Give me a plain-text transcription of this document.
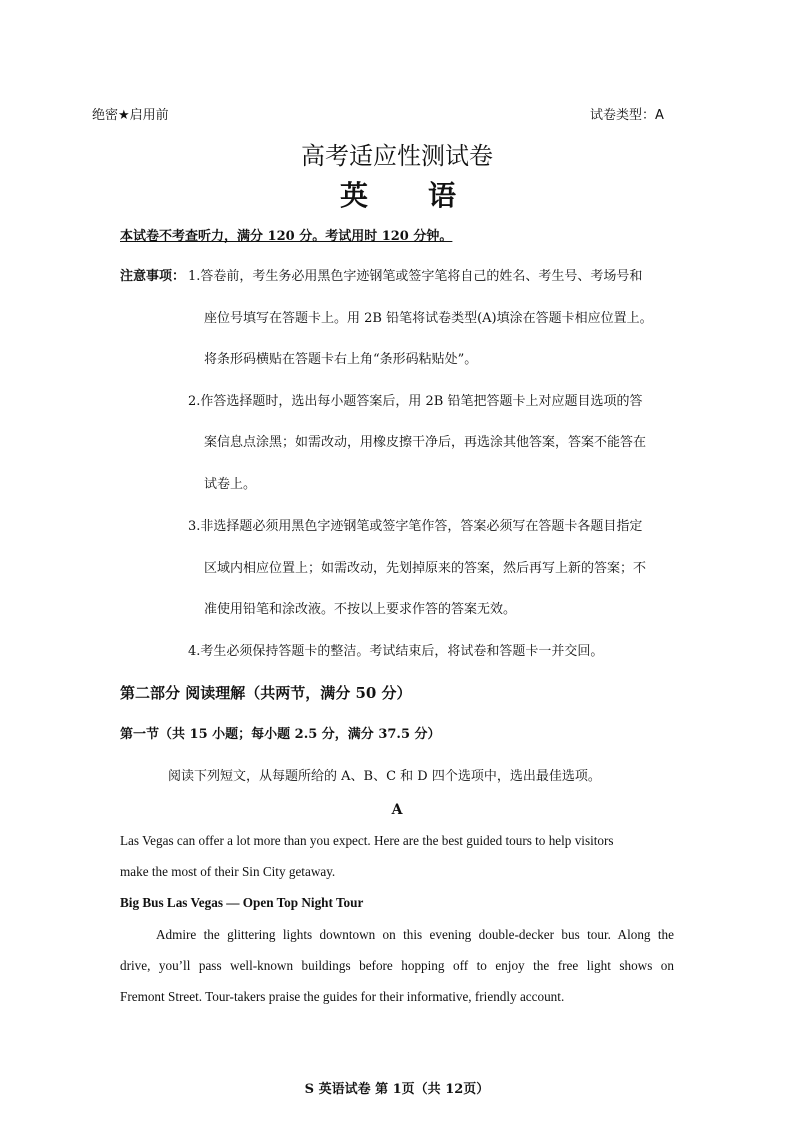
绝密★启用前	试卷类型：A
高考适应性测试卷
英 语
本试卷不考查听力，满分 120 分。考试用时 120 分钟。
注意事项： 1.答卷前，考生务必用黑色字迹钢笔或签字笔将自己的姓名、考生号、考场号和
座位号填写在答题卡上。用 2B 铅笔将试卷类型(A)填涂在答题卡相应位置上。
将条形码横贴在答题卡右上角“条形码粘贴处”。
2.作答选择题时，选出每小题答案后，用 2B 铅笔把答题卡上对应题目选项的答
案信息点涂黑；如需改动，用橡皮擦干净后，再选涂其他答案，答案不能答在
试卷上。
3.非选择题必须用黑色字迹钢笔或签字笔作答，答案必须写在答题卡各题目指定
区域内相应位置上；如需改动，先划掉原来的答案，然后再写上新的答案；不
准使用铅笔和涂改液。不按以上要求作答的答案无效。
4.考生必须保持答题卡的整洁。考试结束后，将试卷和答题卡一并交回。
第二部分 阅读理解（共两节，满分 50 分）
第一节（共 15 小题；每小题 2.5 分，满分 37.5 分）
阅读下列短文，从每题所给的 A、B、C 和 D 四个选项中，选出最佳选项。
A
Las Vegas can offer a lot more than you expect. Here are the best guided tours to help visitors
make the most of their Sin City getaway.
Big Bus Las Vegas — Open Top Night Tour
Admire the glittering lights downtown on this evening double-decker bus tour. Along the
drive, you’ll pass well-known buildings before hopping off to enjoy the free light shows on
Fremont Street. Tour-takers praise the guides for their informative, friendly account.
S 英语试卷 第 1页（共 12页）
